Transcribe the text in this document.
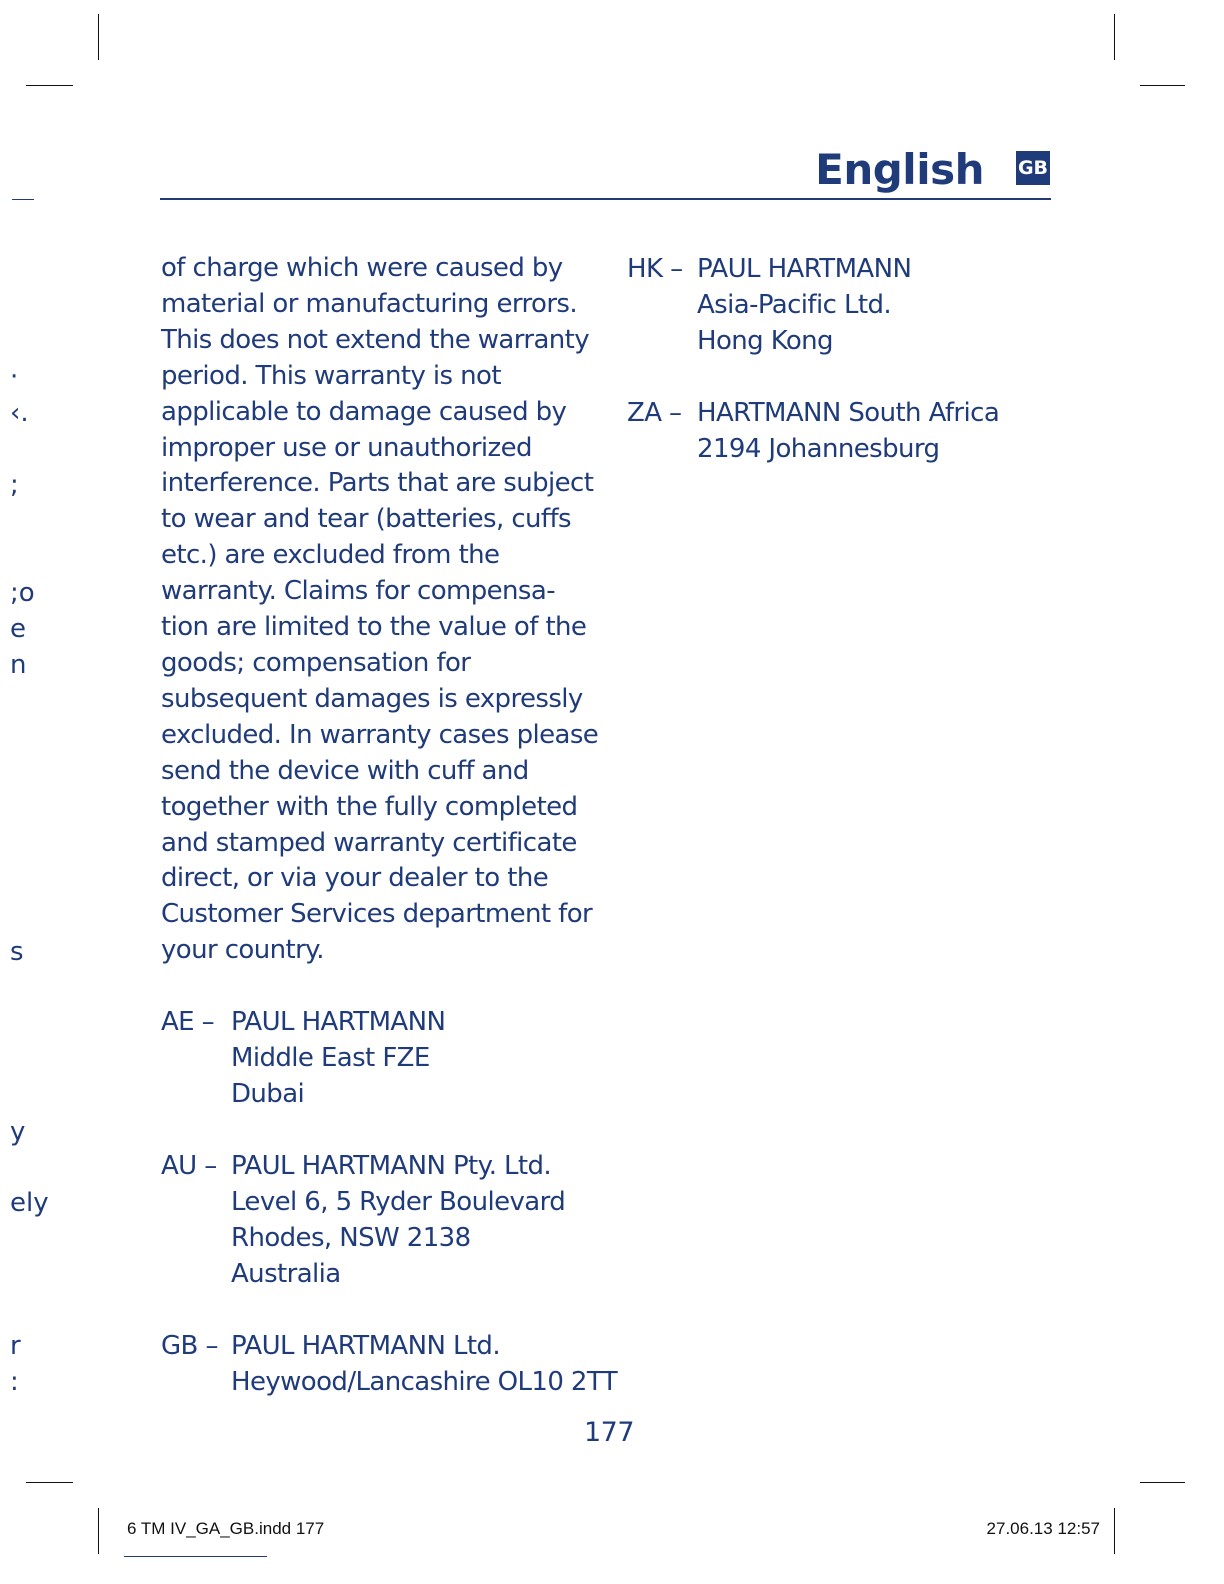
English GB
·
‹.
;
;o
e
n
s
y
ely
r
:

of charge which were caused by

material or manufacturing errors.

This does not extend the warranty

period. This warranty is not

applicable to damage caused by

improper use or unauthorized

interference. Parts that are subject

to wear and tear (batteries, cuffs

etc.) are excluded from the

warranty. Claims for compensa-

tion are limited to the value of the

goods; compensation for

subsequent damages is expressly

excluded. In warranty cases please

send the device with cuff and

together with the fully completed

and stamped warranty certificate

direct, or via your dealer to the

Customer Services department for

your country.

AE – PAUL HARTMANN
Middle East FZE
Dubai
AU – PAUL HARTMANN Pty. Ltd.
Level 6, 5 Ryder Boulevard
Rhodes, NSW 2138
Australia
GB – PAUL HARTMANN Ltd.
Heywood/Lancashire OL10 2TT
HK – PAUL HARTMANN
Asia-Pacific Ltd.
Hong Kong
ZA – HARTMANN South Africa
2194 Johannesburg
177
6 TM IV_GA_GB.indd 177	27.06.13 12:57
